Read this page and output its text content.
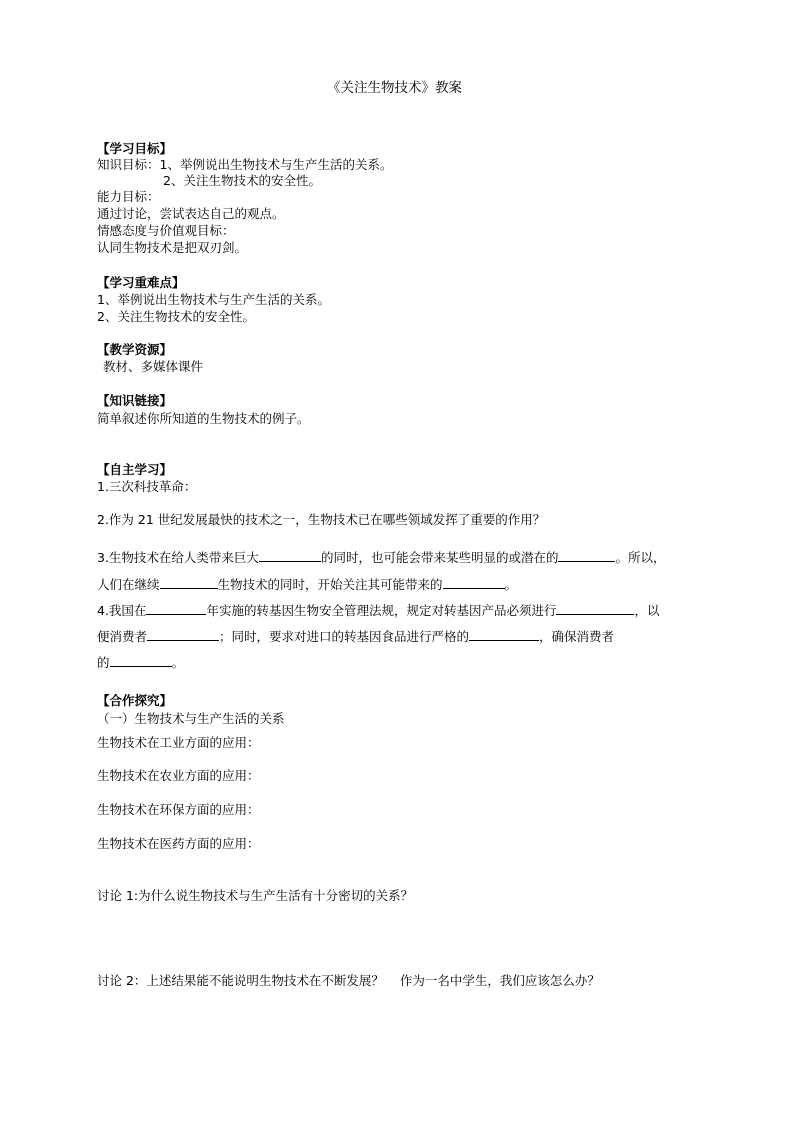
《关注生物技术》教案
【学习目标】
知识目标：1、举例说出生物技术与生产生活的关系。
2、关注生物技术的安全性。
能力目标：
通过讨论，尝试表达自己的观点。
情感态度与价值观目标：
认同生物技术是把双刃剑。
【学习重难点】
1、举例说出生物技术与生产生活的关系。
2、关注生物技术的安全性。
【教学资源】
教材、多媒体课件
【知识链接】
简单叙述你所知道的生物技术的例子。
【自主学习】
1.三次科技革命：
2.作为 21 世纪发展最快的技术之一，生物技术已在哪些领域发挥了重要的作用？
3.生物技术在给人类带来巨大	的同时，也可能会带来某些明显的或潜在的	。所以，
人们在继续	生物技术的同时，开始关注其可能带来的	。
4.我国在	年实施的转基因生物安全管理法规，规定对转基因产品必须进行	，以
便消费者	；同时，要求对进口的转基因食品进行严格的	，确保消费者
的	。
【合作探究】
（一）生物技术与生产生活的关系
生物技术在工业方面的应用：
生物技术在农业方面的应用：
生物技术在环保方面的应用：
生物技术在医药方面的应用：
讨论 1:为什么说生物技术与生产生活有十分密切的关系？
讨论 2：上述结果能不能说明生物技术在不断发展？    作为一名中学生，我们应该怎么办？
